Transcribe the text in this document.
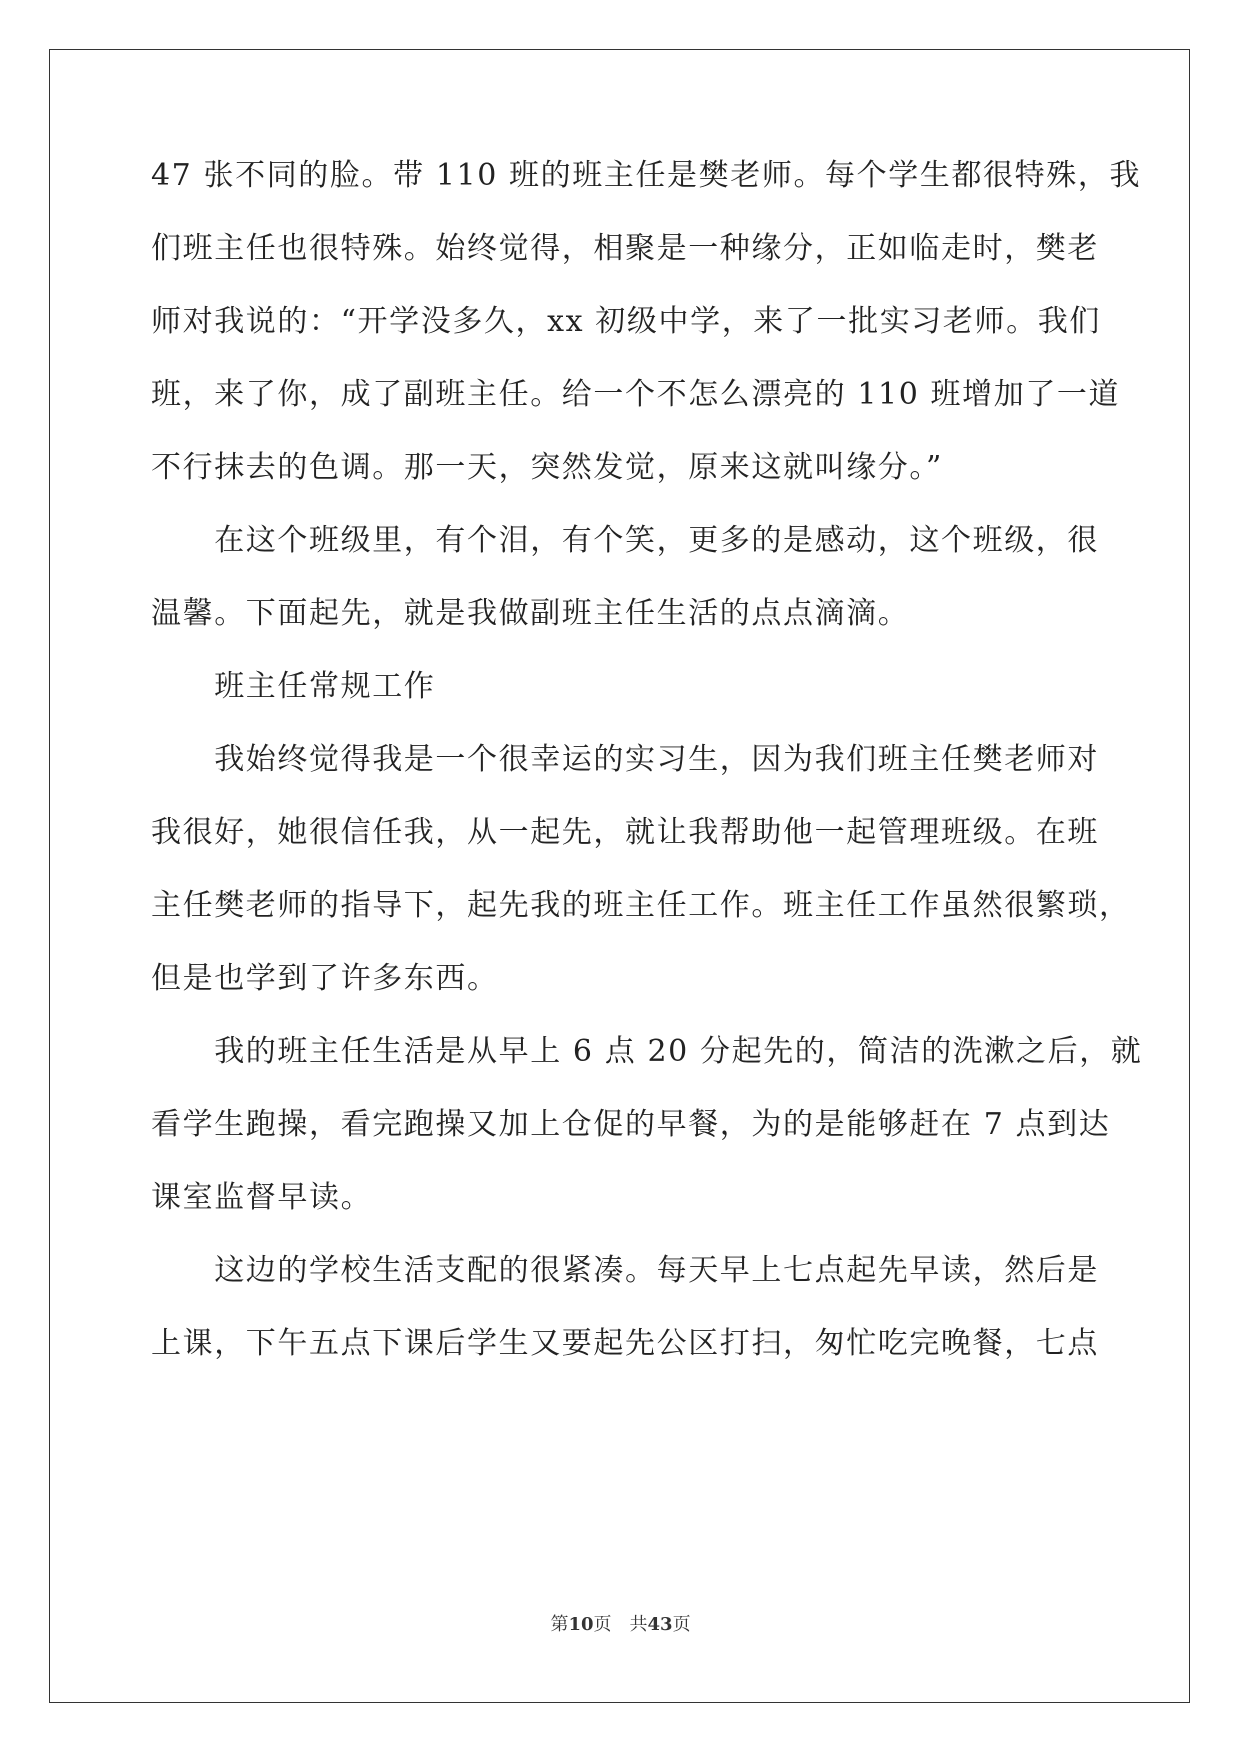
47 张不同的脸。带 110 班的班主任是樊老师。每个学生都很特殊，我
们班主任也很特殊。始终觉得，相聚是一种缘分，正如临走时，樊老
师对我说的：“开学没多久，xx 初级中学，来了一批实习老师。我们
班，来了你，成了副班主任。给一个不怎么漂亮的 110 班增加了一道
不行抹去的色调。那一天，突然发觉，原来这就叫缘分。”
　　在这个班级里，有个泪，有个笑，更多的是感动，这个班级，很
温馨。下面起先，就是我做副班主任生活的点点滴滴。
　　班主任常规工作
　　我始终觉得我是一个很幸运的实习生，因为我们班主任樊老师对
我很好，她很信任我，从一起先，就让我帮助他一起管理班级。在班
主任樊老师的指导下，起先我的班主任工作。班主任工作虽然很繁琐，
但是也学到了许多东西。
　　我的班主任生活是从早上 6 点 20 分起先的，简洁的洗漱之后，就
看学生跑操，看完跑操又加上仓促的早餐，为的是能够赶在 7 点到达
课室监督早读。
　　这边的学校生活支配的很紧凑。每天早上七点起先早读，然后是
上课，下午五点下课后学生又要起先公区打扫，匆忙吃完晚餐，七点
第10页 共43页
